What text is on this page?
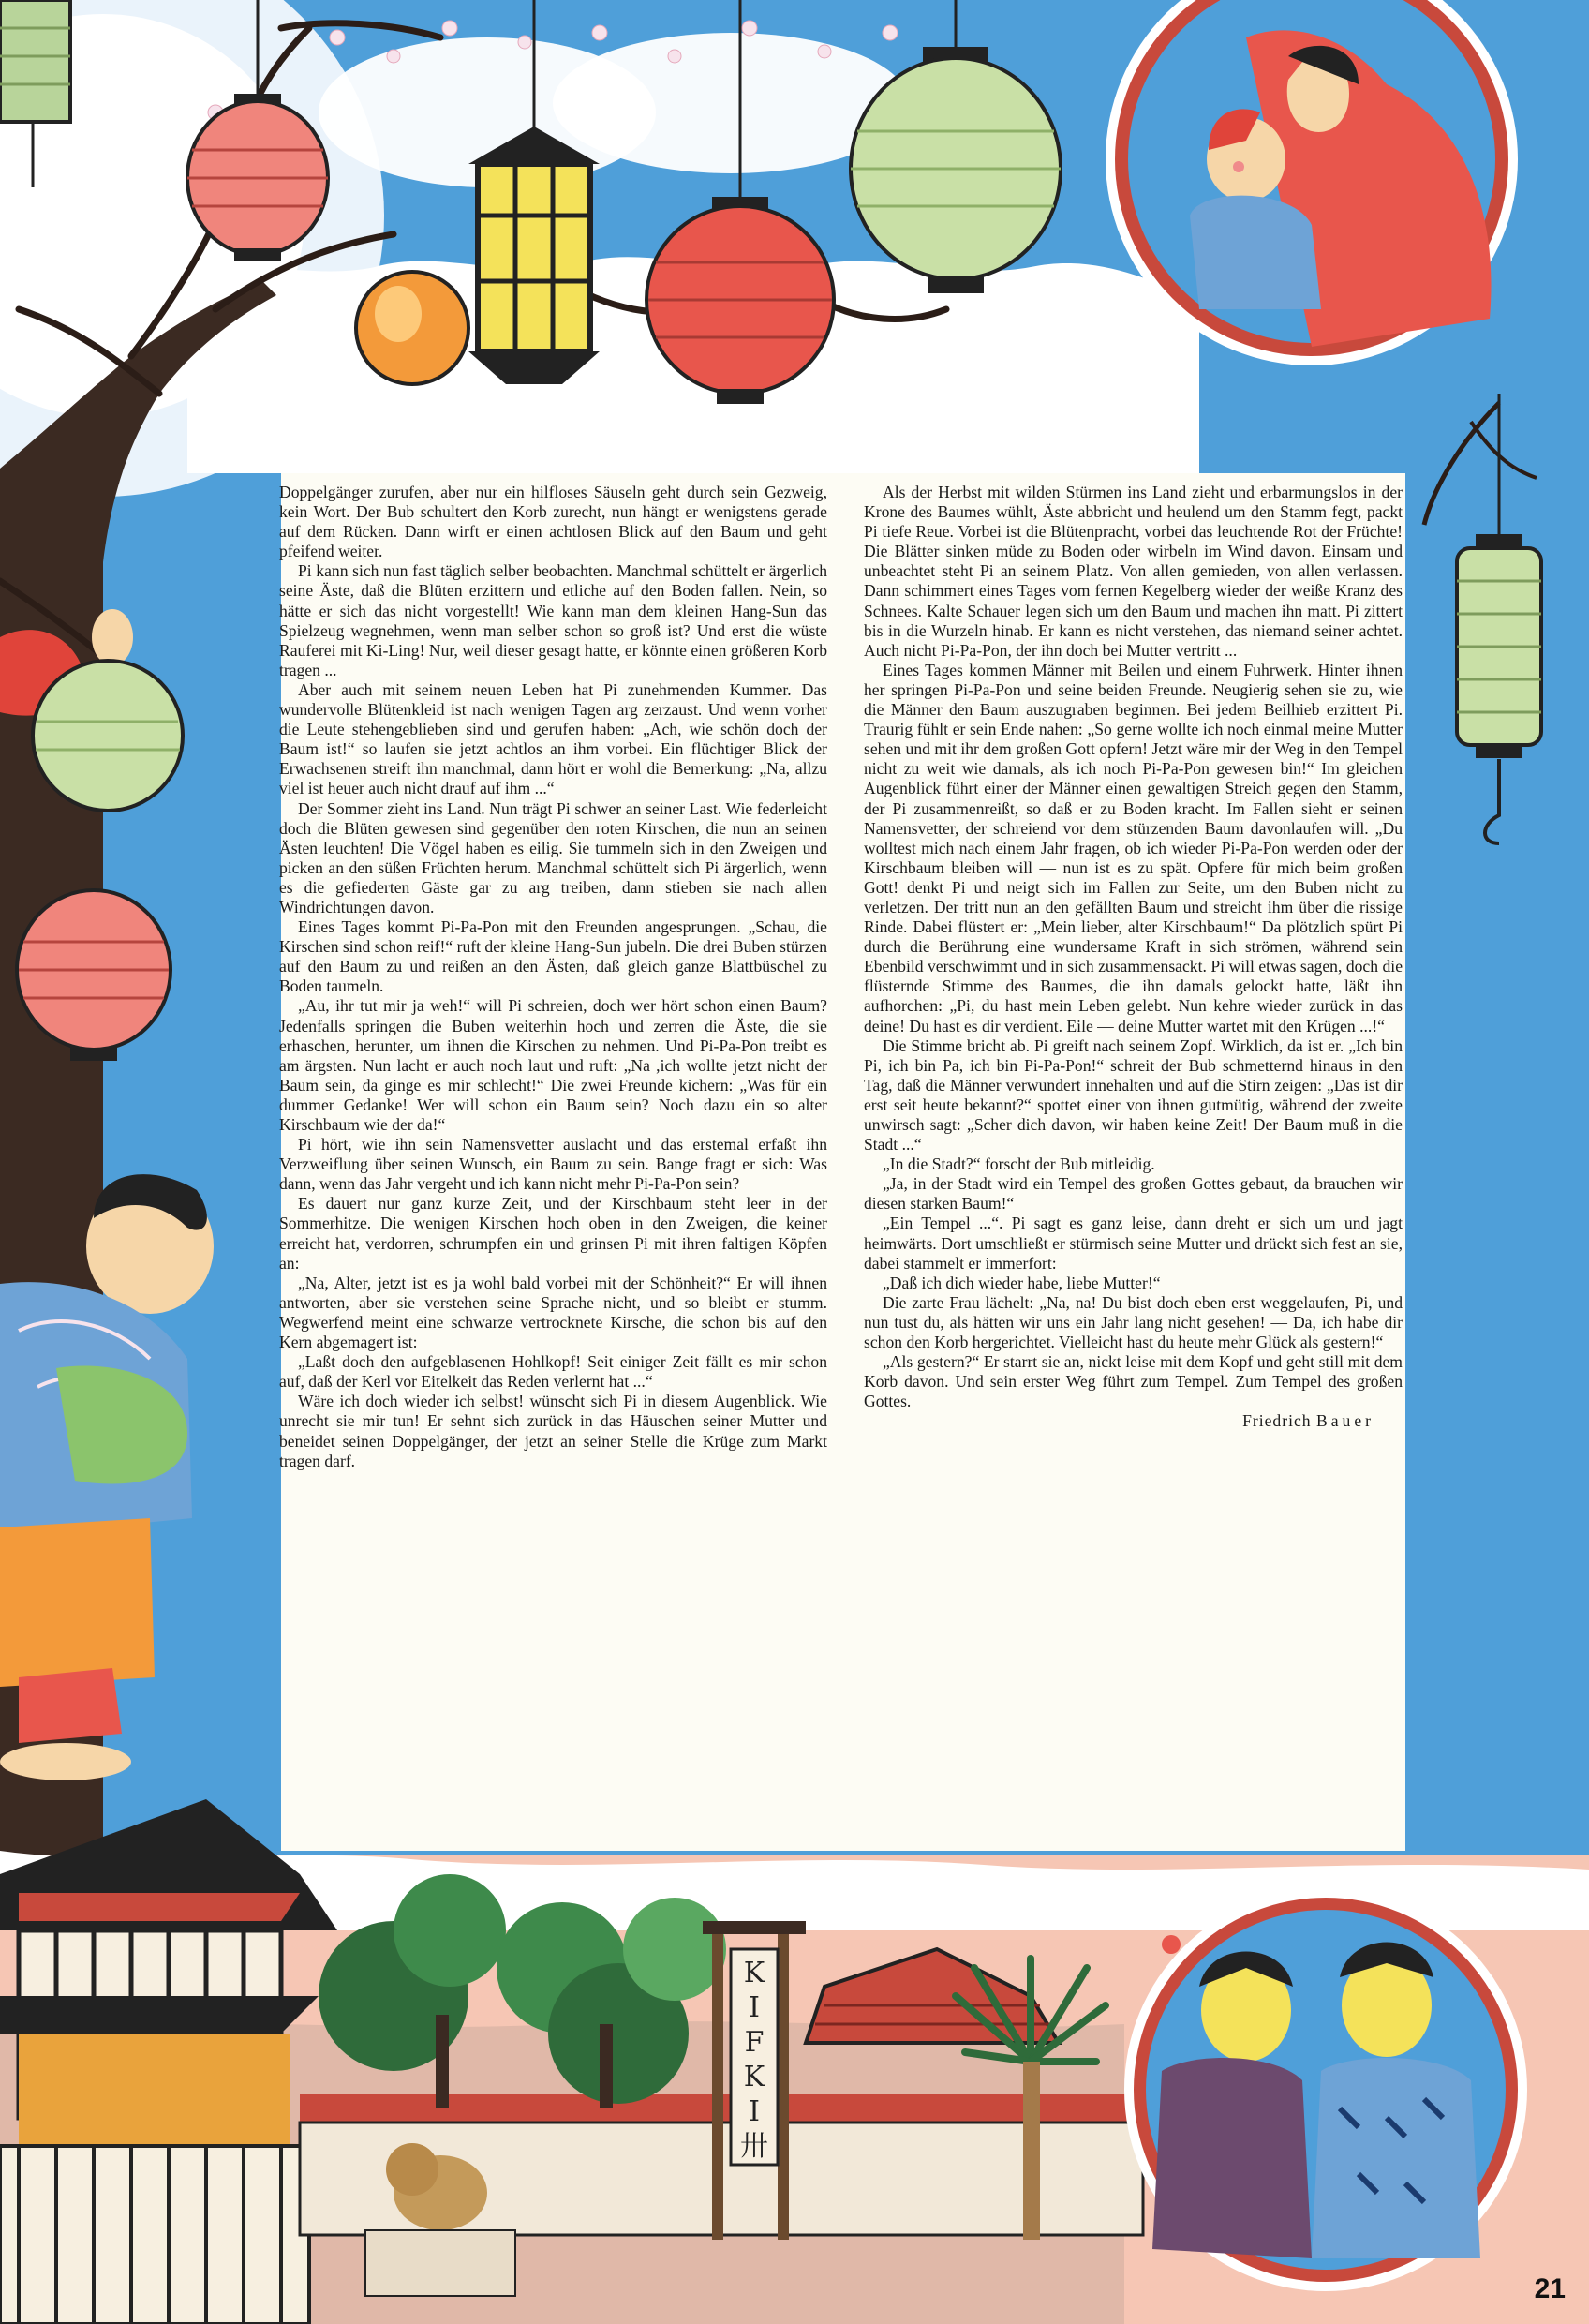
Doppelgänger zurufen, aber nur ein hilfloses Säuseln geht durch sein Gezweig, kein Wort. Der Bub schultert den Korb zurecht, nun hängt er wenigstens gerade auf dem Rücken. Dann wirft er einen achtlosen Blick auf den Baum und geht pfeifend weiter.

Pi kann sich nun fast täglich selber beobachten. Manchmal schüttelt er ärgerlich seine Äste, daß die Blüten erzittern und etliche auf den Boden fallen. Nein, so hätte er sich das nicht vorgestellt! Wie kann man dem kleinen Hang-Sun das Spielzeug wegnehmen, wenn man selber schon so groß ist? Und erst die wüste Rauferei mit Ki-Ling! Nur, weil dieser gesagt hatte, er könnte einen größeren Korb tragen ...

Aber auch mit seinem neuen Leben hat Pi zunehmenden Kummer. Das wundervolle Blütenkleid ist nach wenigen Tagen arg zerzaust. Und wenn vorher die Leute stehengeblieben sind und gerufen haben: „Ach, wie schön doch der Baum ist!“ so laufen sie jetzt achtlos an ihm vorbei. Ein flüchtiger Blick der Erwachsenen streift ihn manchmal, dann hört er wohl die Bemerkung: „Na, allzu viel ist heuer auch nicht drauf auf ihm ...“

Der Sommer zieht ins Land. Nun trägt Pi schwer an seiner Last. Wie federleicht doch die Blüten gewesen sind gegenüber den roten Kirschen, die nun an seinen Ästen leuchten! Die Vögel haben es eilig. Sie tummeln sich in den Zweigen und picken an den süßen Früchten herum. Manchmal schüttelt sich Pi ärgerlich, wenn es die gefiederten Gäste gar zu arg treiben, dann stieben sie nach allen Windrichtungen davon.

Eines Tages kommt Pi-Pa-Pon mit den Freunden angesprungen. „Schau, die Kirschen sind schon reif!“ ruft der kleine Hang-Sun jubeln. Die drei Buben stürzen auf den Baum zu und reißen an den Ästen, daß gleich ganze Blattbüschel zu Boden taumeln.

„Au, ihr tut mir ja weh!“ will Pi schreien, doch wer hört schon einen Baum? Jedenfalls springen die Buben weiterhin hoch und zerren die Äste, die sie erhaschen, herunter, um ihnen die Kirschen zu nehmen. Und Pi-Pa-Pon treibt es am ärgsten. Nun lacht er auch noch laut und ruft: „Na ,ich wollte jetzt nicht der Baum sein, da ginge es mir schlecht!“ Die zwei Freunde kichern: „Was für ein dummer Gedanke! Wer will schon ein Baum sein? Noch dazu ein so alter Kirschbaum wie der da!“

Pi hört, wie ihn sein Namensvetter auslacht und das erstemal erfaßt ihn Verzweiflung über seinen Wunsch, ein Baum zu sein. Bange fragt er sich: Was dann, wenn das Jahr vergeht und ich kann nicht mehr Pi-Pa-Pon sein?

Es dauert nur ganz kurze Zeit, und der Kirschbaum steht leer in der Sommerhitze. Die wenigen Kirschen hoch oben in den Zweigen, die keiner erreicht hat, verdorren, schrumpfen ein und grinsen Pi mit ihren faltigen Köpfen an:

„Na, Alter, jetzt ist es ja wohl bald vorbei mit der Schönheit?“ Er will ihnen antworten, aber sie verstehen seine Sprache nicht, und so bleibt er stumm. Wegwerfend meint eine schwarze vertrocknete Kirsche, die schon bis auf den Kern abgemagert ist:

„Laßt doch den aufgeblasenen Hohlkopf! Seit einiger Zeit fällt es mir schon auf, daß der Kerl vor Eitelkeit das Reden verlernt hat ...“

Wäre ich doch wieder ich selbst! wünscht sich Pi in diesem Augenblick. Wie unrecht sie mir tun! Er sehnt sich zurück in das Häuschen seiner Mutter und beneidet seinen Doppelgänger, der jetzt an seiner Stelle die Krüge zum Markt tragen darf.

Als der Herbst mit wilden Stürmen ins Land zieht und erbarmungslos in der Krone des Baumes wühlt, Äste abbricht und heulend um den Stamm fegt, packt Pi tiefe Reue. Vorbei ist die Blütenpracht, vorbei das leuchtende Rot der Früchte! Die Blätter sinken müde zu Boden oder wirbeln im Wind davon. Einsam und unbeachtet steht Pi an seinem Platz. Von allen gemieden, von allen verlassen. Dann schimmert eines Tages vom fernen Kegelberg wieder der weiße Kranz des Schnees. Kalte Schauer legen sich um den Baum und machen ihn matt. Pi zittert bis in die Wurzeln hinab. Er kann es nicht verstehen, das niemand seiner achtet. Auch nicht Pi-Pa-Pon, der ihn doch bei Mutter vertritt ...

Eines Tages kommen Männer mit Beilen und einem Fuhrwerk. Hinter ihnen her springen Pi-Pa-Pon und seine beiden Freunde. Neugierig sehen sie zu, wie die Männer den Baum auszugraben beginnen. Bei jedem Beilhieb erzittert Pi. Traurig fühlt er sein Ende nahen: „So gerne wollte ich noch einmal meine Mutter sehen und mit ihr dem großen Gott opfern! Jetzt wäre mir der Weg in den Tempel nicht zu weit wie damals, als ich noch Pi-Pa-Pon gewesen bin!“ Im gleichen Augenblick führt einer der Männer einen gewaltigen Streich gegen den Stamm, der Pi zusammenreißt, so daß er zu Boden kracht. Im Fallen sieht er seinen Namensvetter, der schreiend vor dem stürzenden Baum davonlaufen will. „Du wolltest mich nach einem Jahr fragen, ob ich wieder Pi-Pa-Pon werden oder der Kirschbaum bleiben will — nun ist es zu spät. Opfere für mich beim großen Gott! denkt Pi und neigt sich im Fallen zur Seite, um den Buben nicht zu verletzen. Der tritt nun an den gefällten Baum und streicht ihm über die rissige Rinde. Dabei flüstert er: „Mein lieber, alter Kirschbaum!“ Da plötzlich spürt Pi durch die Berührung eine wundersame Kraft in sich strömen, während sein Ebenbild verschwimmt und in sich zusammensackt. Pi will etwas sagen, doch die flüsternde Stimme des Baumes, die ihn damals gelockt hatte, läßt ihn aufhorchen: „Pi, du hast mein Leben gelebt. Nun kehre wieder zurück in das deine! Du hast es dir verdient. Eile — deine Mutter wartet mit den Krügen ...!“

Die Stimme bricht ab. Pi greift nach seinem Zopf. Wirklich, da ist er. „Ich bin Pi, ich bin Pa, ich bin Pi-Pa-Pon!“ schreit der Bub schmetternd hinaus in den Tag, daß die Männer verwundert innehalten und auf die Stirn zeigen: „Das ist dir erst seit heute bekannt?“ spottet einer von ihnen gutmütig, während der zweite unwirsch sagt: „Scher dich davon, wir haben keine Zeit! Der Baum muß in die Stadt ...“

„In die Stadt?“ forscht der Bub mitleidig.

„Ja, in der Stadt wird ein Tempel des großen Gottes gebaut, da brauchen wir diesen starken Baum!“

„Ein Tempel ...“. Pi sagt es ganz leise, dann dreht er sich um und jagt heimwärts. Dort umschließt er stürmisch seine Mutter und drückt sich fest an sie, dabei stammelt er immerfort:

„Daß ich dich wieder habe, liebe Mutter!“

Die zarte Frau lächelt: „Na, na! Du bist doch eben erst weggelaufen, Pi, und nun tust du, als hätten wir uns ein Jahr lang nicht gesehen! — Da, ich habe dir schon den Korb hergerichtet. Vielleicht hast du heute mehr Glück als gestern!“

„Als gestern?“ Er starrt sie an, nickt leise mit dem Kopf und geht still mit dem Korb davon. Und sein erster Weg führt zum Tempel. Zum Tempel des großen Gottes.

Friedrich Bauer
K
I
F
K
I
卅
21
